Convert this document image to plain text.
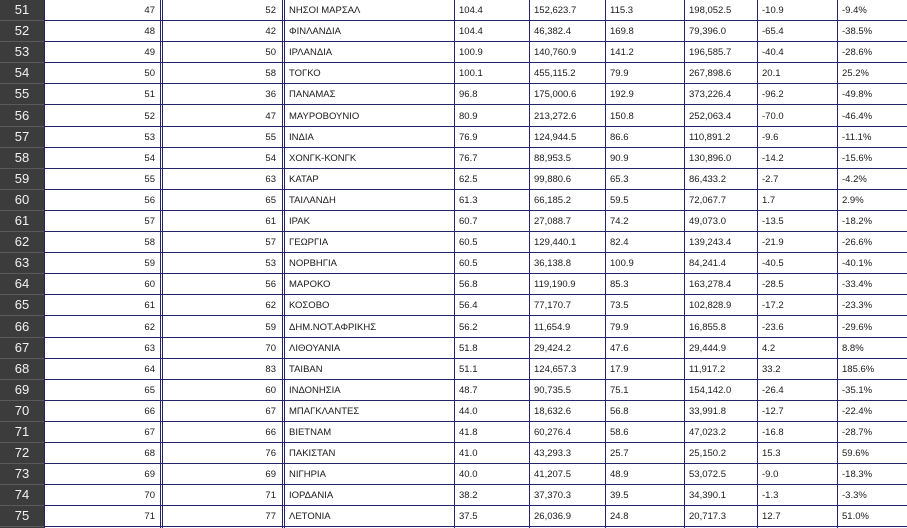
51	47	52	ΝΗΣΟΙ ΜΑΡΣΑΛ	104.4	152,623.7	115.3	198,052.5	-10.9	-9.4%
52	48	42	ΦΙΝΛΑΝΔΙΑ	104.4	46,382.4	169.8	79,396.0	-65.4	-38.5%
53	49	50	ΙΡΛΑΝΔΙΑ	100.9	140,760.9	141.2	196,585.7	-40.4	-28.6%
54	50	58	ΤΟΓΚΟ	100.1	455,115.2	79.9	267,898.6	20.1	25.2%
55	51	36	ΠΑΝΑΜΑΣ	96.8	175,000.6	192.9	373,226.4	-96.2	-49.8%
56	52	47	ΜΑΥΡΟΒΟΥΝΙΟ	80.9	213,272.6	150.8	252,063.4	-70.0	-46.4%
57	53	55	ΙΝΔΙΑ	76.9	124,944.5	86.6	110,891.2	-9.6	-11.1%
58	54	54	ΧΟΝΓΚ-ΚΟΝΓΚ	76.7	88,953.5	90.9	130,896.0	-14.2	-15.6%
59	55	63	ΚΑΤΑΡ	62.5	99,880.6	65.3	86,433.2	-2.7	-4.2%
60	56	65	ΤΑΙΛΑΝΔΗ	61.3	66,185.2	59.5	72,067.7	1.7	2.9%
61	57	61	ΙΡΑΚ	60.7	27,088.7	74.2	49,073.0	-13.5	-18.2%
62	58	57	ΓΕΩΡΓΙΑ	60.5	129,440.1	82.4	139,243.4	-21.9	-26.6%
63	59	53	ΝΟΡΒΗΓΙΑ	60.5	36,138.8	100.9	84,241.4	-40.5	-40.1%
64	60	56	ΜΑΡΟΚΟ	56.8	119,190.9	85.3	163,278.4	-28.5	-33.4%
65	61	62	ΚΟΣΟΒΟ	56.4	77,170.7	73.5	102,828.9	-17.2	-23.3%
66	62	59	ΔΗΜ.ΝΟΤ.ΑΦΡΙΚΗΣ	56.2	11,654.9	79.9	16,855.8	-23.6	-29.6%
67	63	70	ΛΙΘΟΥΑΝΙΑ	51.8	29,424.2	47.6	29,444.9	4.2	8.8%
68	64	83	ΤΑΙΒΑΝ	51.1	124,657.3	17.9	11,917.2	33.2	185.6%
69	65	60	ΙΝΔΟΝΗΣΙΑ	48.7	90,735.5	75.1	154,142.0	-26.4	-35.1%
70	66	67	ΜΠΑΓΚΛΑΝΤΕΣ	44.0	18,632.6	56.8	33,991.8	-12.7	-22.4%
71	67	66	ΒΙΕΤΝΑΜ	41.8	60,276.4	58.6	47,023.2	-16.8	-28.7%
72	68	76	ΠΑΚΙΣΤΑΝ	41.0	43,293.3	25.7	25,150.2	15.3	59.6%
73	69	69	ΝΙΓΗΡΙΑ	40.0	41,207.5	48.9	53,072.5	-9.0	-18.3%
74	70	71	ΙΟΡΔΑΝΙΑ	38.2	37,370.3	39.5	34,390.1	-1.3	-3.3%
75	71	77	ΛΕΤΟΝΙΑ	37.5	26,036.9	24.8	20,717.3	12.7	51.0%
